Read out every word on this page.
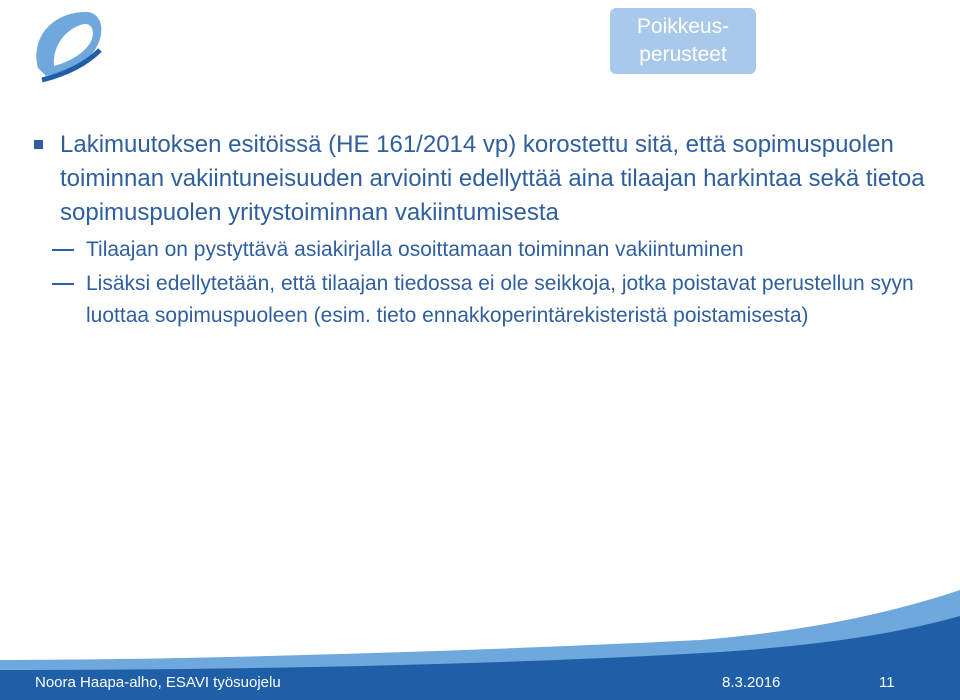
Poikkeus-
perusteet
Lakimuutoksen esitöissä (HE 161/2014 vp) korostettu sitä, että sopimuspuolen toiminnan vakiintuneisuuden arviointi edellyttää aina tilaajan harkintaa sekä tietoa sopimuspuolen yritystoiminnan vakiintumisesta
Tilaajan on pystyttävä asiakirjalla osoittamaan toiminnan vakiintuminen
Lisäksi edellytetään, että tilaajan tiedossa ei ole seikkoja, jotka poistavat perustellun syyn luottaa sopimuspuoleen (esim. tieto ennakkoperintärekisteristä poistamisesta)
Noora Haapa-alho, ESAVI työsuojelu	8.3.2016	11
